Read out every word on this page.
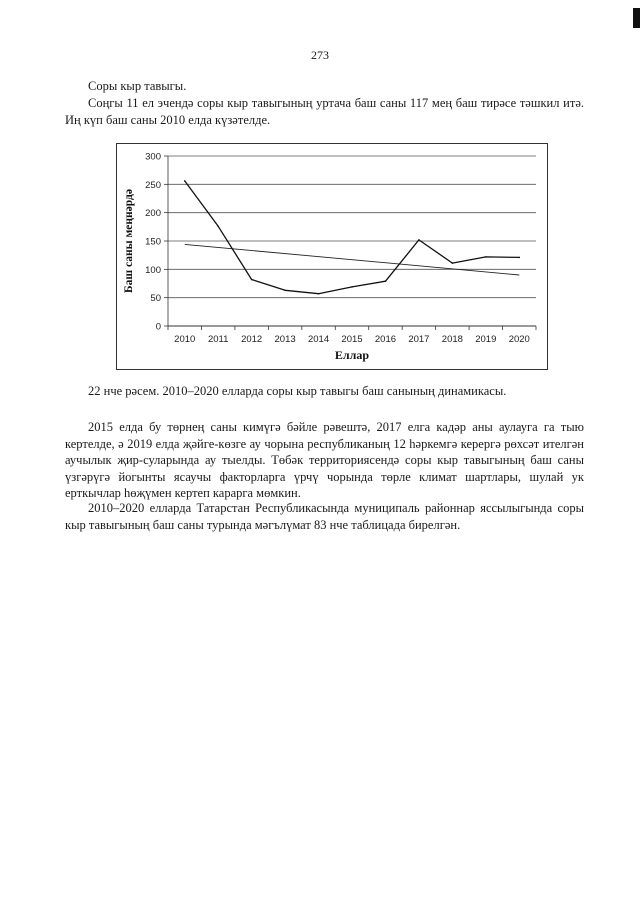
273

Соры кыр тавыгы.

Соңгы 11 ел эчендә соры кыр тавыгының уртача баш саны 117 мең баш тирәсе тәшкил итә. Иң күп баш саны 2010 елда күзәтелде.

0
50
100
150
200
250
300
2010 2011 2012 2013 2014 2015 2016 2017 2018 2019 2020
Еллар
Баш саны меңнәрдә
22 нче рәсем. 2010–2020 елларда соры кыр тавыгы баш санының динамикасы.

2015 елда бу төрнең саны кимүгә бәйле рәвештә, 2017 елга кадәр аны аулауга га тыю кертелде, ә 2019 елда җәйге-көзге ау чорына республиканың 12 һәркемгә керергә рөхсәт ителгән аучылык җир-суларында ау тыелды. Төбәк территориясендә соры кыр тавыгының баш саны үзгәрүгә йогынты ясаучы факторларга үрчү чорында төрле климат шартлары, шулай ук ерткычлар һөҗүмен кертеп карарга мөмкин.

2010–2020 елларда Татарстан Республикасында муниципаль районнар яссылыгында соры кыр тавыгының баш саны турында мәгълүмат 83 нче таблицада бирелгән.
